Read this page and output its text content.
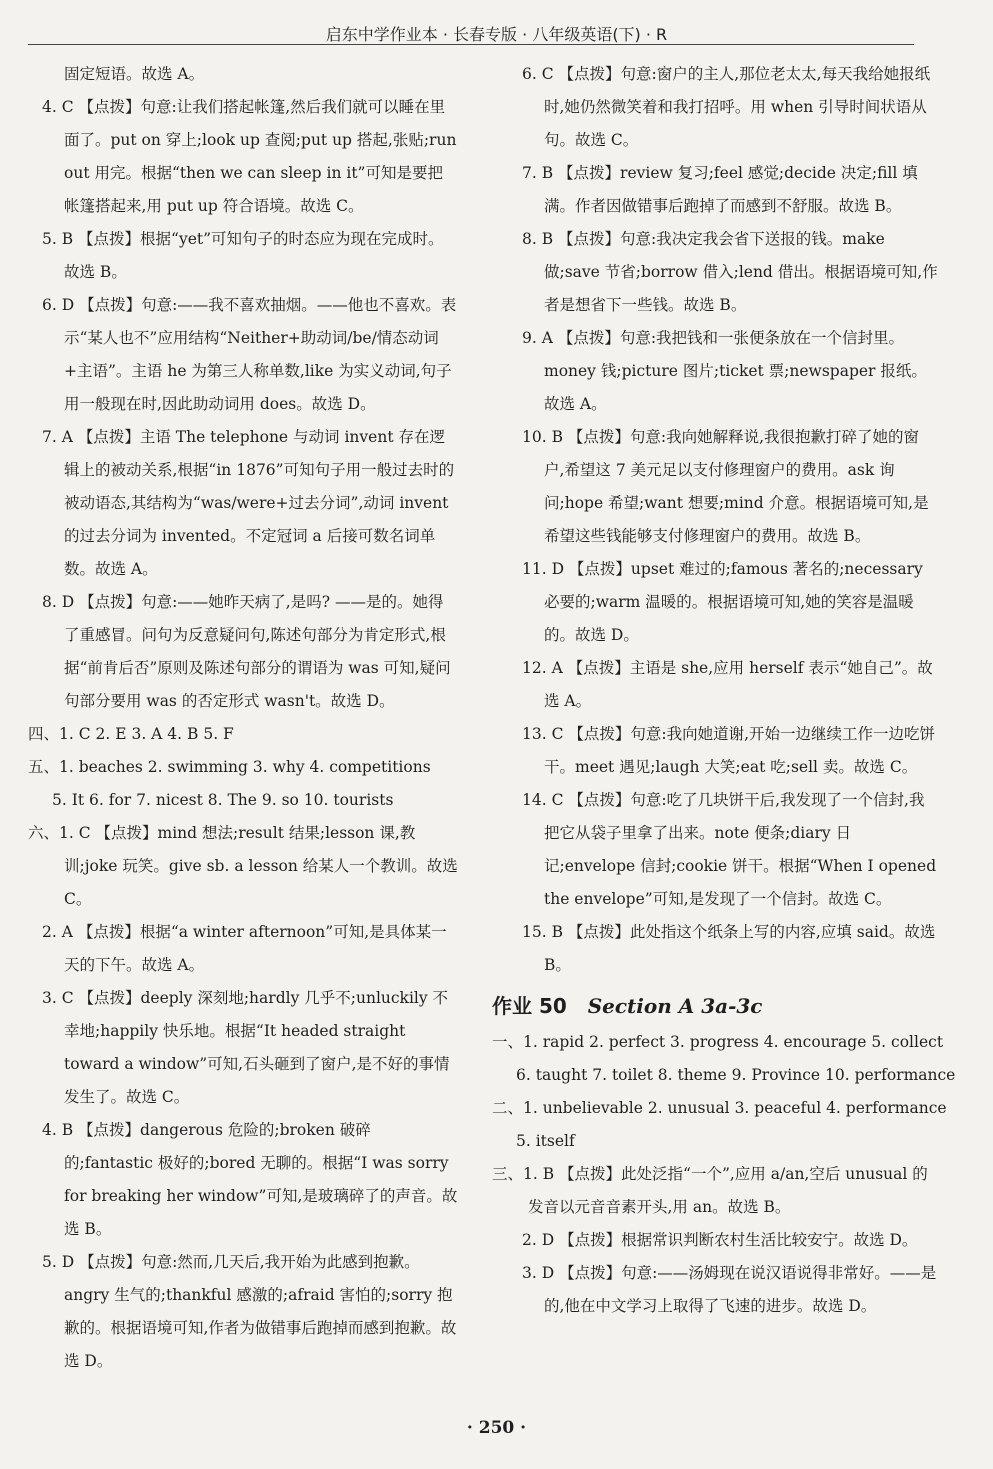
启东中学作业本 · 长春专版 · 八年级英语(下) · R

固定短语。故选 A。

4. C 【点拨】句意:让我们搭起帐篷,然后我们就可以睡在里面了。put on 穿上;look up 查阅;put up 搭起,张贴;run out 用完。根据“then we can sleep in it”可知是要把帐篷搭起来,用 put up 符合语境。故选 C。

5. B 【点拨】根据“yet”可知句子的时态应为现在完成时。故选 B。

6. D 【点拨】句意:——我不喜欢抽烟。——他也不喜欢。表示“某人也不”应用结构“Neither+助动词/be/情态动词+主语”。主语 he 为第三人称单数,like 为实义动词,句子用一般现在时,因此助动词用 does。故选 D。

7. A 【点拨】主语 The telephone 与动词 invent 存在逻辑上的被动关系,根据“in 1876”可知句子用一般过去时的被动语态,其结构为“was/were+过去分词”,动词 invent 的过去分词为 invented。不定冠词 a 后接可数名词单数。故选 A。

8. D 【点拨】句意:——她昨天病了,是吗? ——是的。她得了重感冒。问句为反意疑问句,陈述句部分为肯定形式,根据“前肯后否”原则及陈述句部分的谓语为 was 可知,疑问句部分要用 was 的否定形式 wasn't。故选 D。

四、1. C 2. E 3. A 4. B 5. F

五、1. beaches 2. swimming 3. why 4. competitions

5. It 6. for 7. nicest 8. The 9. so 10. tourists

六、1. C 【点拨】mind 想法;result 结果;lesson 课,教训;joke 玩笑。give sb. a lesson 给某人一个教训。故选 C。

2. A 【点拨】根据“a winter afternoon”可知,是具体某一天的下午。故选 A。

3. C 【点拨】deeply 深刻地;hardly 几乎不;unluckily 不幸地;happily 快乐地。根据“It headed straight toward a window”可知,石头砸到了窗户,是不好的事情发生了。故选 C。

4. B 【点拨】dangerous 危险的;broken 破碎的;fantastic 极好的;bored 无聊的。根据“I was sorry for breaking her window”可知,是玻璃碎了的声音。故选 B。

5. D 【点拨】句意:然而,几天后,我开始为此感到抱歉。angry 生气的;thankful 感激的;afraid 害怕的;sorry 抱歉的。根据语境可知,作者为做错事后跑掉而感到抱歉。故选 D。

6. C 【点拨】句意:窗户的主人,那位老太太,每天我给她报纸时,她仍然微笑着和我打招呼。用 when 引导时间状语从句。故选 C。

7. B 【点拨】review 复习;feel 感觉;decide 决定;fill 填满。作者因做错事后跑掉了而感到不舒服。故选 B。

8. B 【点拨】句意:我决定我会省下送报的钱。make 做;save 节省;borrow 借入;lend 借出。根据语境可知,作者是想省下一些钱。故选 B。

9. A 【点拨】句意:我把钱和一张便条放在一个信封里。money 钱;picture 图片;ticket 票;newspaper 报纸。故选 A。

10. B 【点拨】句意:我向她解释说,我很抱歉打碎了她的窗户,希望这 7 美元足以支付修理窗户的费用。ask 询问;hope 希望;want 想要;mind 介意。根据语境可知,是希望这些钱能够支付修理窗户的费用。故选 B。

11. D 【点拨】upset 难过的;famous 著名的;necessary 必要的;warm 温暖的。根据语境可知,她的笑容是温暖的。故选 D。

12. A 【点拨】主语是 she,应用 herself 表示“她自己”。故选 A。

13. C 【点拨】句意:我向她道谢,开始一边继续工作一边吃饼干。meet 遇见;laugh 大笑;eat 吃;sell 卖。故选 C。

14. C 【点拨】句意:吃了几块饼干后,我发现了一个信封,我把它从袋子里拿了出来。note 便条;diary 日记;envelope 信封;cookie 饼干。根据“When I opened the envelope”可知,是发现了一个信封。故选 C。

15. B 【点拨】此处指这个纸条上写的内容,应填 said。故选 B。

作业 50 Section A 3a-3c

一、1. rapid 2. perfect 3. progress 4. encourage 5. collect

6. taught 7. toilet 8. theme 9. Province 10. performance

二、1. unbelievable 2. unusual 3. peaceful 4. performance

5. itself

三、1. B 【点拨】此处泛指“一个”,应用 a/an,空后 unusual 的发音以元音音素开头,用 an。故选 B。

2. D 【点拨】根据常识判断农村生活比较安宁。故选 D。

3. D 【点拨】句意:——汤姆现在说汉语说得非常好。——是的,他在中文学习上取得了飞速的进步。故选 D。

· 250 ·
